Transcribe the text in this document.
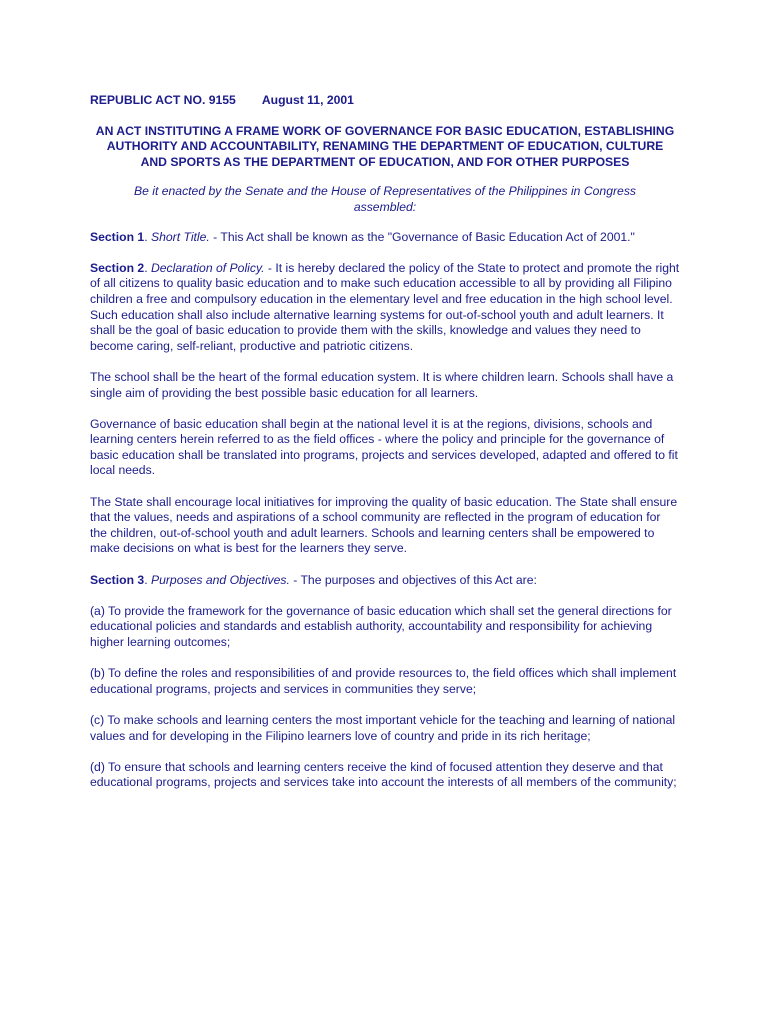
REPUBLIC ACT NO. 9155 August 11, 2001

AN ACT INSTITUTING A FRAME WORK OF GOVERNANCE FOR BASIC EDUCATION, ESTABLISHING AUTHORITY AND ACCOUNTABILITY, RENAMING THE DEPARTMENT OF EDUCATION, CULTURE AND SPORTS AS THE DEPARTMENT OF EDUCATION, AND FOR OTHER PURPOSES

Be it enacted by the Senate and the House of Representatives of the Philippines in Congress assembled:

Section 1. Short Title. - This Act shall be known as the "Governance of Basic Education Act of 2001."

Section 2. Declaration of Policy. - It is hereby declared the policy of the State to protect and promote the right of all citizens to quality basic education and to make such education accessible to all by providing all Filipino children a free and compulsory education in the elementary level and free education in the high school level. Such education shall also include alternative learning systems for out-of-school youth and adult learners. It shall be the goal of basic education to provide them with the skills, knowledge and values they need to become caring, self-reliant, productive and patriotic citizens.

The school shall be the heart of the formal education system. It is where children learn. Schools shall have a single aim of providing the best possible basic education for all learners.

Governance of basic education shall begin at the national level it is at the regions, divisions, schools and learning centers herein referred to as the field offices - where the policy and principle for the governance of basic education shall be translated into programs, projects and services developed, adapted and offered to fit local needs.

The State shall encourage local initiatives for improving the quality of basic education. The State shall ensure that the values, needs and aspirations of a school community are reflected in the program of education for the children, out-of-school youth and adult learners. Schools and learning centers shall be empowered to make decisions on what is best for the learners they serve.

Section 3. Purposes and Objectives. - The purposes and objectives of this Act are:

(a) To provide the framework for the governance of basic education which shall set the general directions for educational policies and standards and establish authority, accountability and responsibility for achieving higher learning outcomes;

(b) To define the roles and responsibilities of and provide resources to, the field offices which shall implement educational programs, projects and services in communities they serve;

(c) To make schools and learning centers the most important vehicle for the teaching and learning of national values and for developing in the Filipino learners love of country and pride in its rich heritage;

(d) To ensure that schools and learning centers receive the kind of focused attention they deserve and that educational programs, projects and services take into account the interests of all members of the community;
